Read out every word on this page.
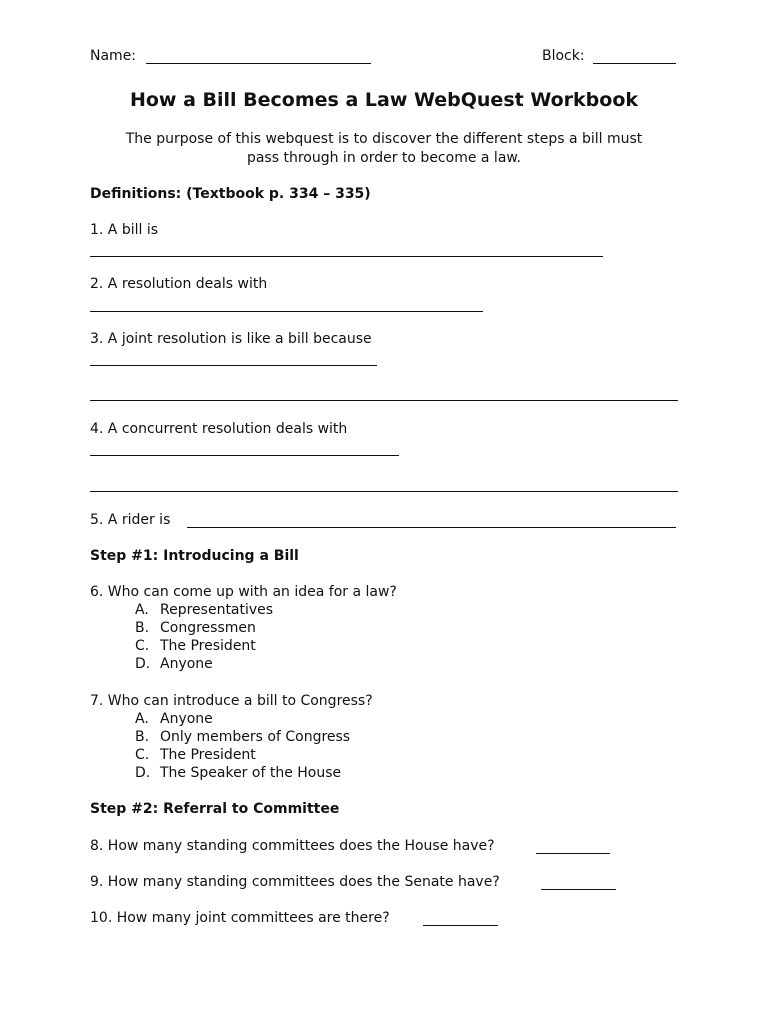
Name:	Block:
How a Bill Becomes a Law WebQuest Workbook
The purpose of this webquest is to discover the different steps a bill must
pass through in order to become a law.
Definitions: (Textbook p. 334 – 335)
1. A bill is
2. A resolution deals with
3. A joint resolution is like a bill because
4. A concurrent resolution deals with
5. A rider is
Step #1: Introducing a Bill
6. Who can come up with an idea for a law?
A. Representatives
B. Congressmen
C. The President
D. Anyone
7. Who can introduce a bill to Congress?
A. Anyone
B. Only members of Congress
C. The President
D. The Speaker of the House
Step #2: Referral to Committee
8. How many standing committees does the House have?
9. How many standing committees does the Senate have?
10. How many joint committees are there?
